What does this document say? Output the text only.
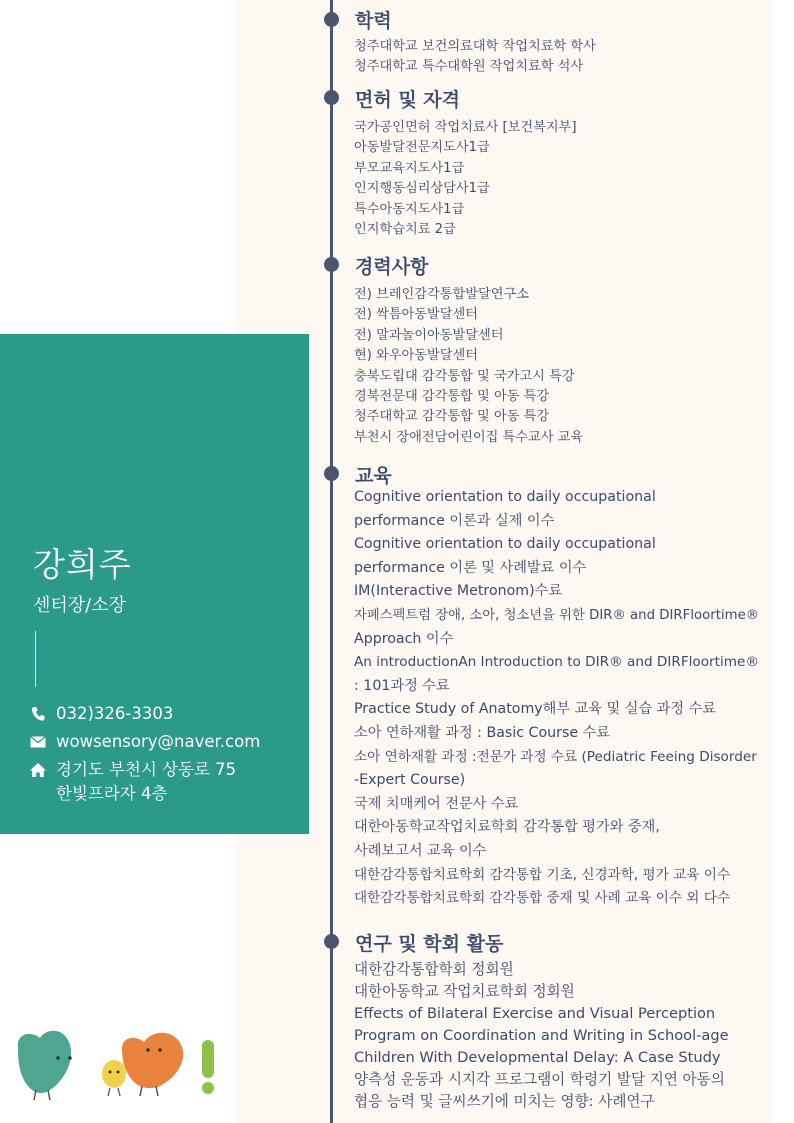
강희주
센터장/소장
032)326-3303
wowsensory@naver.com
경기도 부천시 상동로 75
한빛프라자 4층
학력
청주대학교 보건의료대학 작업치료학 학사
청주대학교 특수대학원 작업치료학 석사
면허 및 자격
국가공인면허 작업치료사 [보건복지부]
아동발달전문지도사1급
부모교육지도사1급
인지행동심리상담사1급
특수아동지도사1급
인지학습치료 2급
경력사항
전) 브레인감각통합발달연구소
전) 싹틈아동발달센터
전) 말과놀이아동발달센터
현) 와우아동발달센터
충북도립대 감각통합 및 국가고시 특강
경북전문대 감각통합 및 아동 특강
청주대학교 감각통합 및 아동 특강
부천시 장애전담어린이집 특수교사 교육
교육
Cognitive orientation to daily occupational
performance 이론과 실제 이수
Cognitive orientation to daily occupational
performance 이론 및 사례발료 이수
IM(Interactive Metronom)수료
자폐스펙트럼 장애, 소아, 청소년을 위한 DIR® and DIRFloortime®
Approach 이수
An introductionAn Introduction to DIR® and DIRFloortime®
: 101과정 수료
Practice Study of Anatomy해부 교육 및 실습 과정 수료
소아 연하재활 과정 : Basic Course 수료
소아 연하재활 과정 :전문가 과정 수료 (Pediatric Feeing Disorder
-Expert Course)
국제 치매케어 전문사 수료
대한아동학교작업치료학회 감각통합 평가와 중재,
사례보고서 교육 이수
대한감각통합치료학회 감각통합 기초, 신경과학, 평가 교육 이수
대한감각통합치료학회 감각통합 중재 및 사례 교육 이수 외 다수
연구 및 학회 활동
대한감각통합학회 정회원
대한아동학교 작업치료학회 정회원
Effects of Bilateral Exercise and Visual Perception
Program on Coordination and Writing in School-age
Children With Developmental Delay: A Case Study
양측성 운동과 시지각 프로그램이 학령기 발달 지연 아동의
협응 능력 및 글씨쓰기에 미치는 영향: 사례연구
